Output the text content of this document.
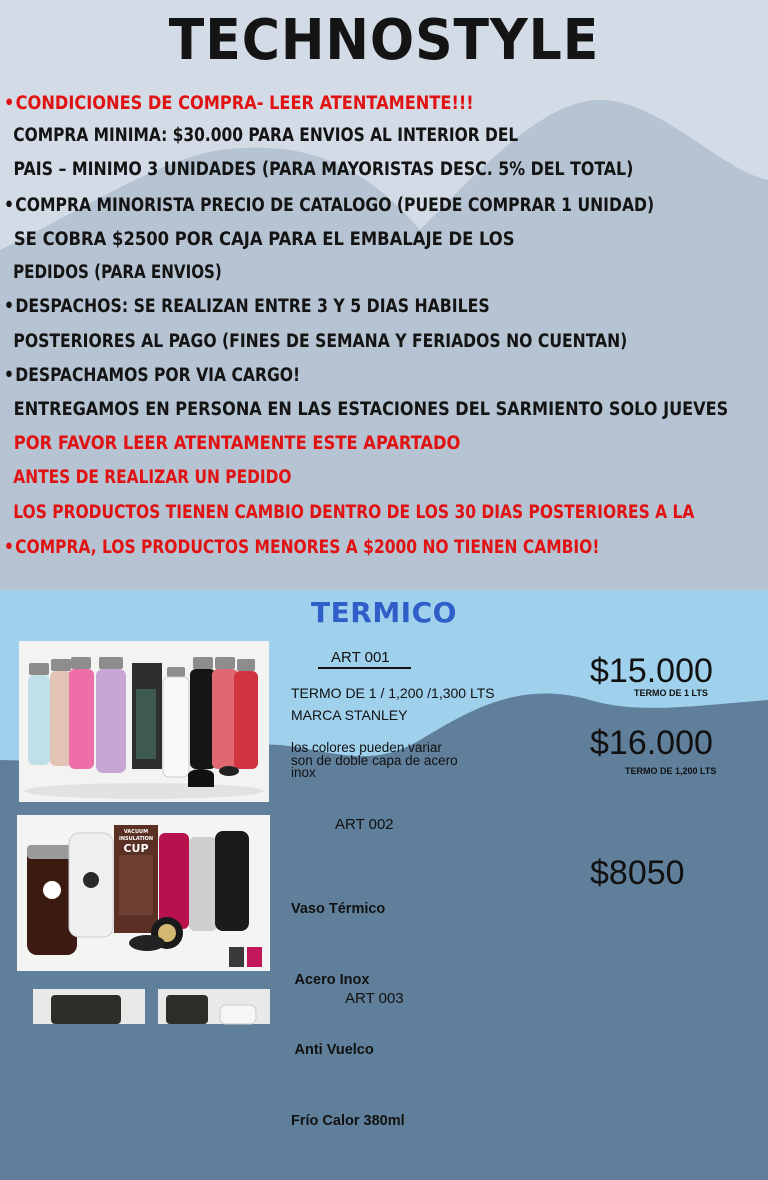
TECHNOSTYLE
•CONDICIONES DE COMPRA- LEER ATENTAMENTE!!!
COMPRA MINIMA: $30.000 PARA ENVIOS AL INTERIOR DEL
PAIS – MINIMO 3 UNIDADES (PARA MAYORISTAS DESC. 5% DEL TOTAL)
•COMPRA MINORISTA PRECIO DE CATALOGO (PUEDE COMPRAR 1 UNIDAD)
SE COBRA $2500 POR CAJA PARA EL EMBALAJE DE LOS
PEDIDOS (PARA ENVIOS)
•DESPACHOS: SE REALIZAN ENTRE 3 Y 5 DIAS HABILES
POSTERIORES AL PAGO (FINES DE SEMANA Y FERIADOS NO CUENTAN)
•DESPACHAMOS POR VIA CARGO!
ENTREGAMOS EN PERSONA EN LAS ESTACIONES DEL SARMIENTO SOLO JUEVES
POR FAVOR LEER ATENTAMENTE ESTE APARTADO
ANTES DE REALIZAR UN PEDIDO
LOS PRODUCTOS TIENEN CAMBIO DENTRO DE LOS 30 DIAS POSTERIORES A LA
•COMPRA, LOS PRODUCTOS MENORES A $2000 NO TIENEN CAMBIO!
TERMICO
VACUUM
INSULATION
CUP
ART 001
TERMO DE 1 / 1,200 /1,300 LTS
MARCA STANLEY
los colores pueden variar
son de doble capa de acero
inox
$15.000
TERMO DE 1 LTS
$16.000
TERMO DE 1,200 LTS
ART 002

Vaso Térmico

Acero Inox

Anti Vuelco

Frío Calor 380ml

$8050
ART 003
